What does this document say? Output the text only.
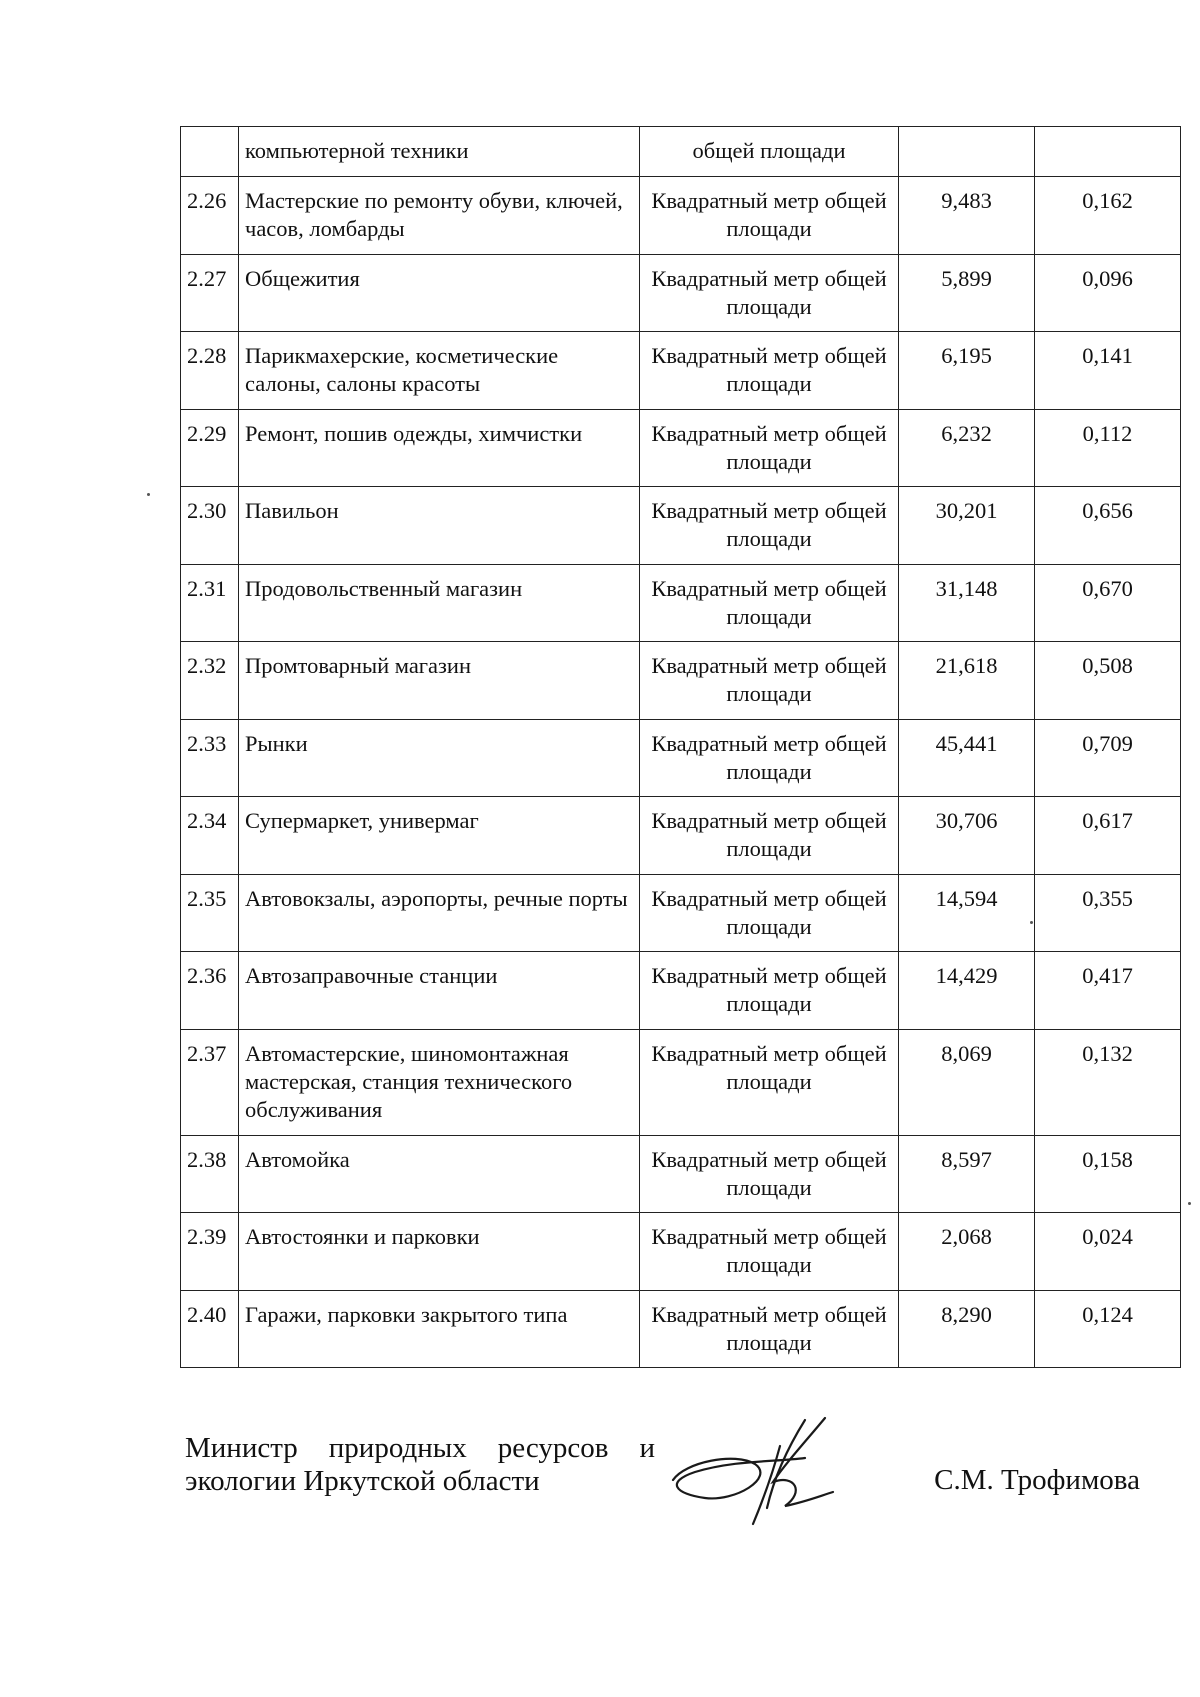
	компьютерной техники	общей площади		
2.26	Мастерские по ремонту обуви, ключей, часов, ломбарды	Квадратный метр общей площади	9,483	0,162
2.27	Общежития	Квадратный метр общей площади	5,899	0,096
2.28	Парикмахерские, косметические салоны, салоны красоты	Квадратный метр общей площади	6,195	0,141
2.29	Ремонт, пошив одежды, химчистки	Квадратный метр общей площади	6,232	0,112
2.30	Павильон	Квадратный метр общей площади	30,201	0,656
2.31	Продовольственный магазин	Квадратный метр общей площади	31,148	0,670
2.32	Промтоварный магазин	Квадратный метр общей площади	21,618	0,508
2.33	Рынки	Квадратный метр общей площади	45,441	0,709
2.34	Супермаркет, универмаг	Квадратный метр общей площади	30,706	0,617
2.35	Автовокзалы, аэропорты, речные порты	Квадратный метр общей площади	14,594	0,355
2.36	Автозаправочные станции	Квадратный метр общей площади	14,429	0,417
2.37	Автомастерские, шиномонтажная мастерская, станция технического обслуживания	Квадратный метр общей площади	8,069	0,132
2.38	Автомойка	Квадратный метр общей площади	8,597	0,158
2.39	Автостоянки и парковки	Квадратный метр общей площади	2,068	0,024
2.40	Гаражи, парковки закрытого типа	Квадратный метр общей площади	8,290	0,124
Министр природных ресурсов и
экологии Иркутской области	С.М. Трофимова
